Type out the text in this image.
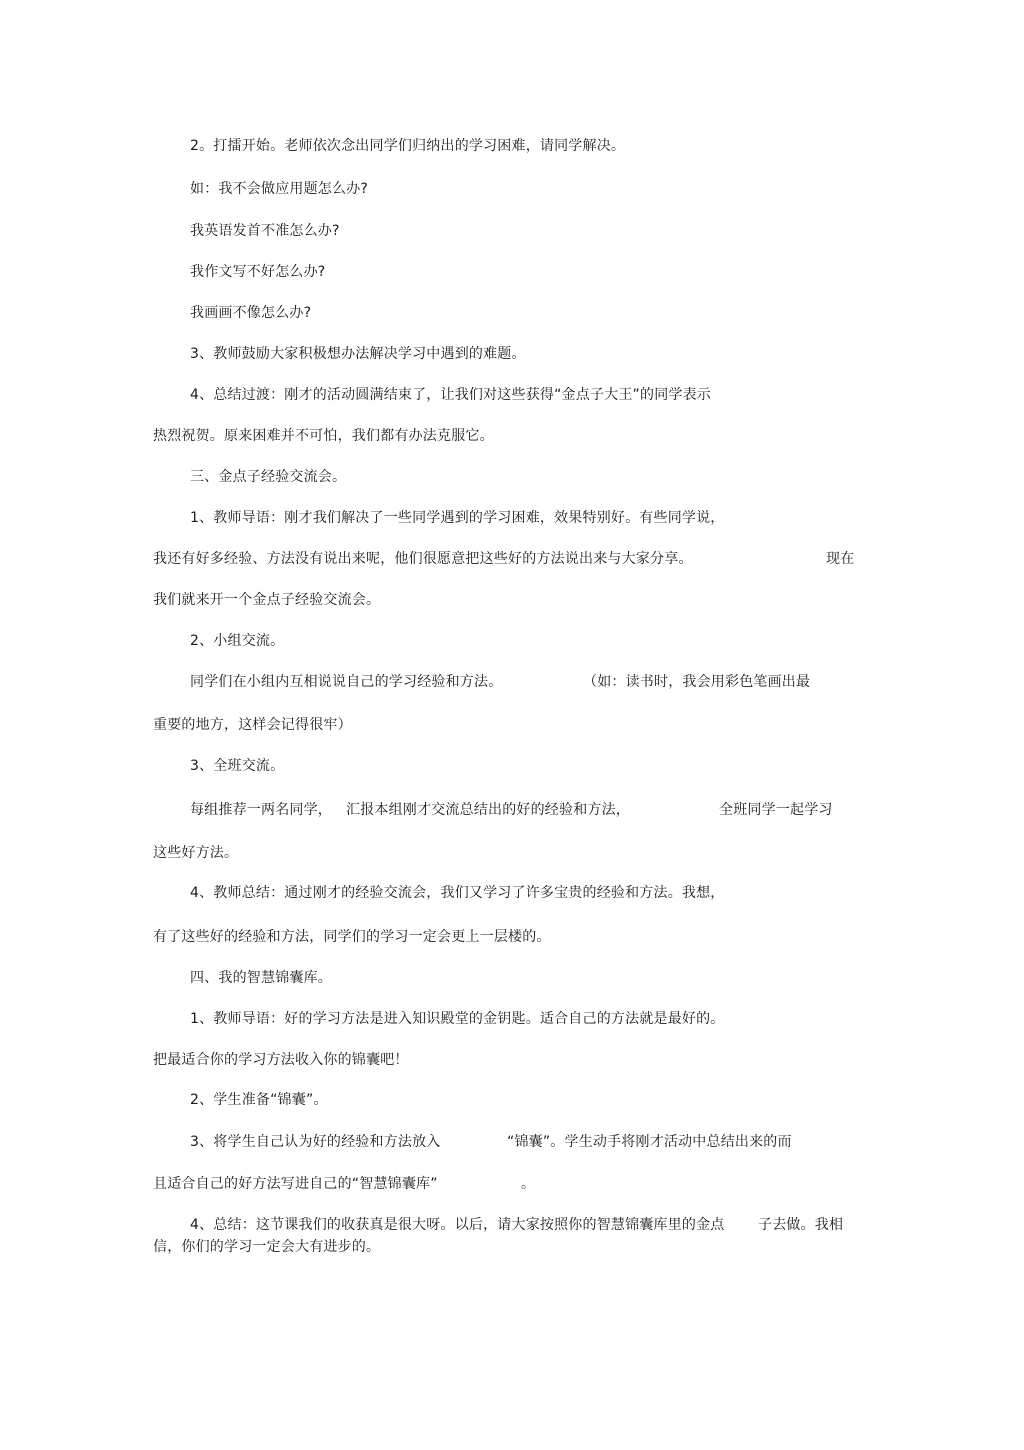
2。打擂开始。老师依次念出同学们归纳出的学习困难，请同学解决。
如：我不会做应用题怎么办?
我英语发首不准怎么办?
我作文写不好怎么办?
我画画不像怎么办?
3、教师鼓励大家积极想办法解决学习中遇到的难题。
4、总结过渡：刚才的活动圆满结束了，让我们对这些获得“金点子大王”的同学表示
热烈祝贺。原来困难并不可怕，我们都有办法克服它。
三、金点子经验交流会。
1、教师导语：刚才我们解决了一些同学遇到的学习困难，效果特别好。有些同学说，
我还有好多经验、方法没有说出来呢，他们很愿意把这些好的方法说出来与大家分享。	现在
我们就来开一个金点子经验交流会。
2、小组交流。
同学们在小组内互相说说自己的学习经验和方法。	（如：读书时，我会用彩色笔画出最
重要的地方，这样会记得很牢）
3、全班交流。
每组推荐一两名同学， 汇报本组刚才交流总结出的好的经验和方法，	全班同学一起学习
这些好方法。
4、教师总结：通过刚才的经验交流会，我们又学习了许多宝贵的经验和方法。我想，
有了这些好的经验和方法，同学们的学习一定会更上一层楼的。
四、我的智慧锦囊库。
1、教师导语：好的学习方法是进入知识殿堂的金钥匙。适合自己的方法就是最好的。
把最适合你的学习方法收入你的锦囊吧！
2、学生准备“锦囊”。
3、将学生自己认为好的经验和方法放入	“锦囊”。学生动手将刚才活动中总结出来的而
且适合自己的好方法写进自己的“智慧锦囊库”	。
4、总结：这节课我们的收获真是很大呀。以后，请大家按照你的智慧锦囊库里的金点 子去做。我相
信，你们的学习一定会大有进步的。
